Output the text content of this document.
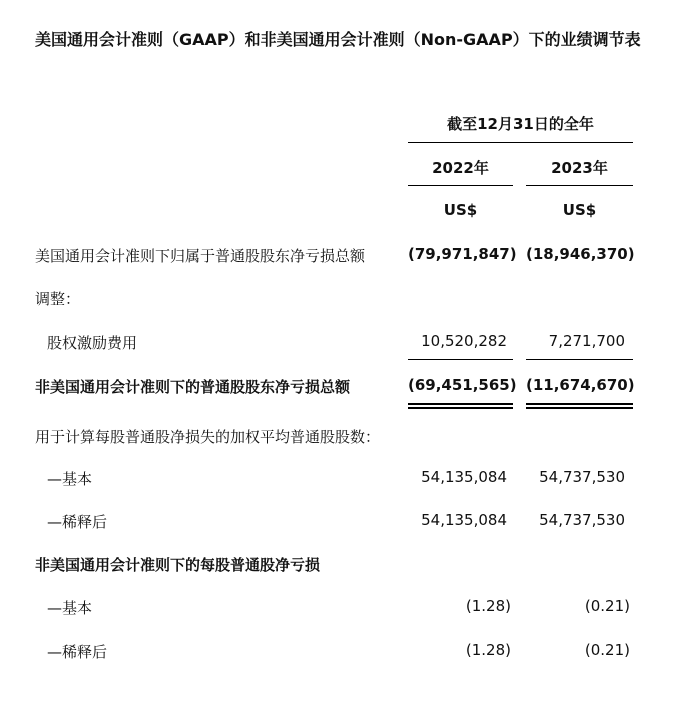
美国通用会计准则（GAAP）和非美国通用会计准则（Non-GAAP）下的业绩调节表
截至12月31日的全年
2022年	2023年
US$	US$
美国通用会计准则下归属于普通股股东净亏损总额	(79,971,847) (18,946,370)
调整：
股权激励费用	10,520,282	7,271,700
非美国通用会计准则下的普通股股东净亏损总额	(69,451,565) (11,674,670)
用于计算每股普通股净损失的加权平均普通股股数：
—基本	54,135,084	54,737,530
—稀释后	54,135,084	54,737,530
非美国通用会计准则下的每股普通股净亏损
—基本	(1.28)	(0.21)
—稀释后	(1.28)	(0.21)
